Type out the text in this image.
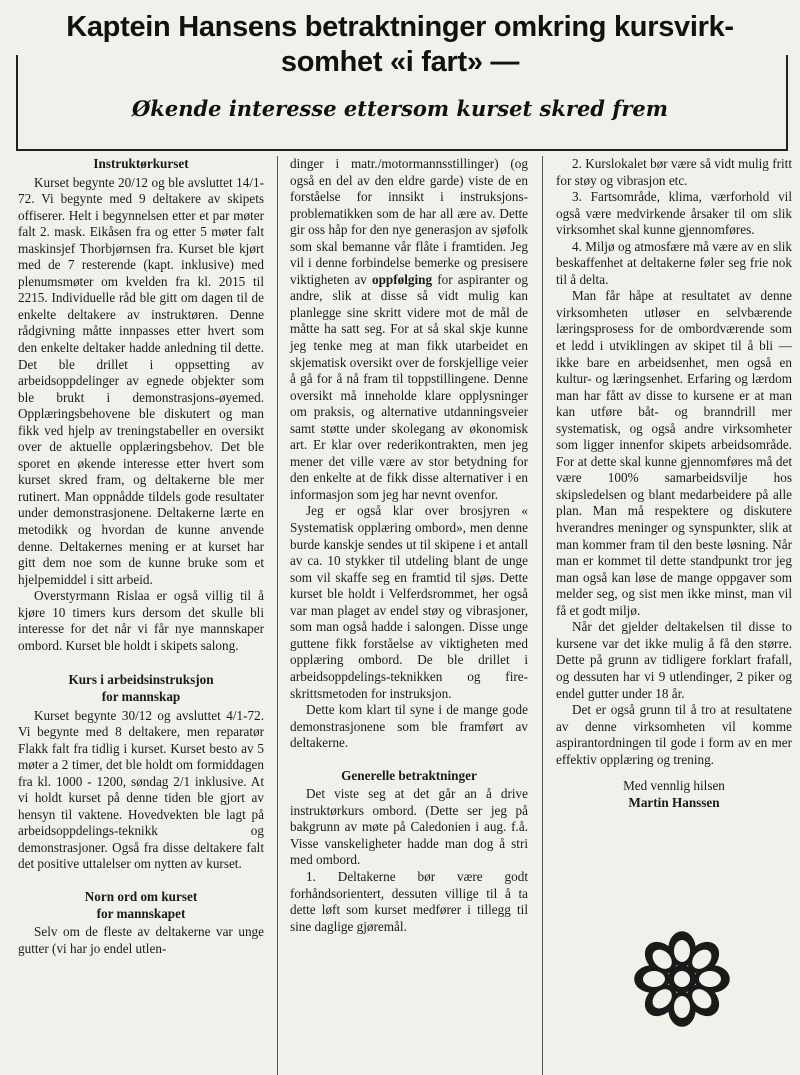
Kaptein Hansens betraktninger omkring kursvirk-
somhet «i fart» —
Økende interesse ettersom kurset skred frem
Instruktørkurset

Kurset begynte 20/12 og ble avsluttet 14/1-72. Vi begynte med 9 deltakere av skipets offiserer. Helt i begynnelsen etter et par møter falt 2. mask. Eikåsen fra og etter 5 møter falt maskinsjef Thorbjørnsen fra. Kurset ble kjørt med de 7 resterende (kapt. inklusive) med plenumsmøter om kvelden fra kl. 2015 til 2215. Individuelle råd ble gitt om dagen til de enkelte deltakere av instruktøren. Denne rådgivning måtte innpasses etter hvert som den enkelte deltaker hadde anledning til dette. Det ble drillet i oppsetting av arbeidsoppdelinger av egnede objekter som ble brukt i demonstrasjons-øyemed. Opplæringsbehovene ble diskutert og man fikk ved hjelp av treningstabeller en oversikt over de aktuelle opplæringsbehov. Det ble sporet en økende interesse etter hvert som kurset skred fram, og deltakerne ble mer rutinert. Man oppnådde tildels gode resultater under demonstrasjonene. Deltakerne lærte en metodikk og hvordan de kunne anvende denne. Deltakernes mening er at kurset har gitt dem noe som de kunne bruke som et hjelpemiddel i sitt arbeid.

Overstyrmann Rislaa er også villig til å kjøre 10 timers kurs dersom det skulle bli interesse for det når vi får nye mannskaper ombord. Kurset ble holdt i skipets salong.

Kurs i arbeidsinstruksjon
for mannskap

Kurset begynte 30/12 og avsluttet 4/1-72. Vi begynte med 8 deltakere, men reparatør Flakk falt fra tidlig i kurset. Kurset besto av 5 møter a 2 timer, det ble holdt om formiddagen fra kl. 1000 - 1200, søndag 2/1 inklusive. At vi holdt kurset på denne tiden ble gjort av hensyn til vaktene. Hovedvekten ble lagt på arbeidsoppdelings-teknikk og demonstrasjoner. Også fra disse deltakere falt det positive uttalelser om nytten av kurset.

Norn ord om kurset
for mannskapet

Selv om de fleste av deltakerne var unge gutter (vi har jo endel utlen-

dinger i matr./motormannsstillinger) (og også en del av den eldre garde) viste de en forståelse for innsikt i instruksjons-problematikken som de har all ære av. Dette gir oss håp for den nye generasjon av sjøfolk som skal bemanne vår flåte i framtiden. Jeg vil i denne forbindelse bemerke og presisere viktigheten av oppfølging for aspiranter og andre, slik at disse så vidt mulig kan planlegge sine skritt videre mot de mål de måtte ha satt seg. For at så skal skje kunne jeg tenke meg at man fikk utarbeidet en skjematisk oversikt over de forskjellige veier å gå for å nå fram til toppstillingene. Denne oversikt må inneholde klare opplysninger om praksis, og alternative utdanningsveier samt støtte under skolegang av økonomisk art. Er klar over rederikontrakten, men jeg mener det ville være av stor betydning for den enkelte at de fikk disse alternativer i en informasjon som jeg har nevnt ovenfor.

Jeg er også klar over brosjyren « Systematisk opplæring ombord», men denne burde kanskje sendes ut til skipene i et antall av ca. 10 stykker til utdeling blant de unge som vil skaffe seg en framtid til sjøs. Dette kurset ble holdt i Velferdsrommet, her også var man plaget av endel støy og vibrasjoner, som man også hadde i salongen. Disse unge guttene fikk forståelse av viktigheten med opplæring ombord. De ble drillet i arbeidsoppdelings-teknikken og fire-skrittsmetoden for instruksjon.

Dette kom klart til syne i de mange gode demonstrasjonene som ble framført av deltakerne.

Generelle betraktninger

Det viste seg at det går an å drive instruktørkurs ombord. (Dette ser jeg på bakgrunn av møte på Caledonien i aug. f.å. Visse vanskeligheter hadde man dog å stri med ombord.

1. Deltakerne bør være godt forhåndsorientert, dessuten villige til å ta dette løft som kurset medfører i tillegg til sine daglige gjøremål.

2. Kurslokalet bør være så vidt mulig fritt for støy og vibrasjon etc.

3. Fartsområde, klima, værforhold vil også være medvirkende årsaker til om slik virksomhet skal kunne gjennomføres.

4. Miljø og atmosfære må være av en slik beskaffenhet at deltakerne føler seg frie nok til å delta.

Man får håpe at resultatet av denne virksomheten utløser en selvbærende læringsprosess for de ombordværende som et ledd i utviklingen av skipet til å bli — ikke bare en arbeidsenhet, men også en kultur- og læringsenhet. Erfaring og lærdom man har fått av disse to kursene er at man kan utføre båt- og branndrill mer systematisk, og også andre virksomheter som ligger innenfor skipets arbeidsområde. For at dette skal kunne gjennomføres må det være 100% samarbeidsvilje hos skipsledelsen og blant medarbeidere på alle plan. Man må respektere og diskutere hverandres meninger og synspunkter, slik at man kommer fram til den beste løsning. Når man er kommet til dette standpunkt tror jeg man også kan løse de mange oppgaver som melder seg, og sist men ikke minst, man vil få et godt miljø.

Når det gjelder deltakelsen til disse to kursene var det ikke mulig å få den større. Dette på grunn av tidligere forklart frafall, og dessuten har vi 9 utlendinger, 2 piker og endel gutter under 18 år.

Det er også grunn til å tro at resultatene av denne virksomheten vil komme aspirantordningen til gode i form av en mer effektiv opplæring og trening.

Med vennlig hilsen
Martin Hanssen
